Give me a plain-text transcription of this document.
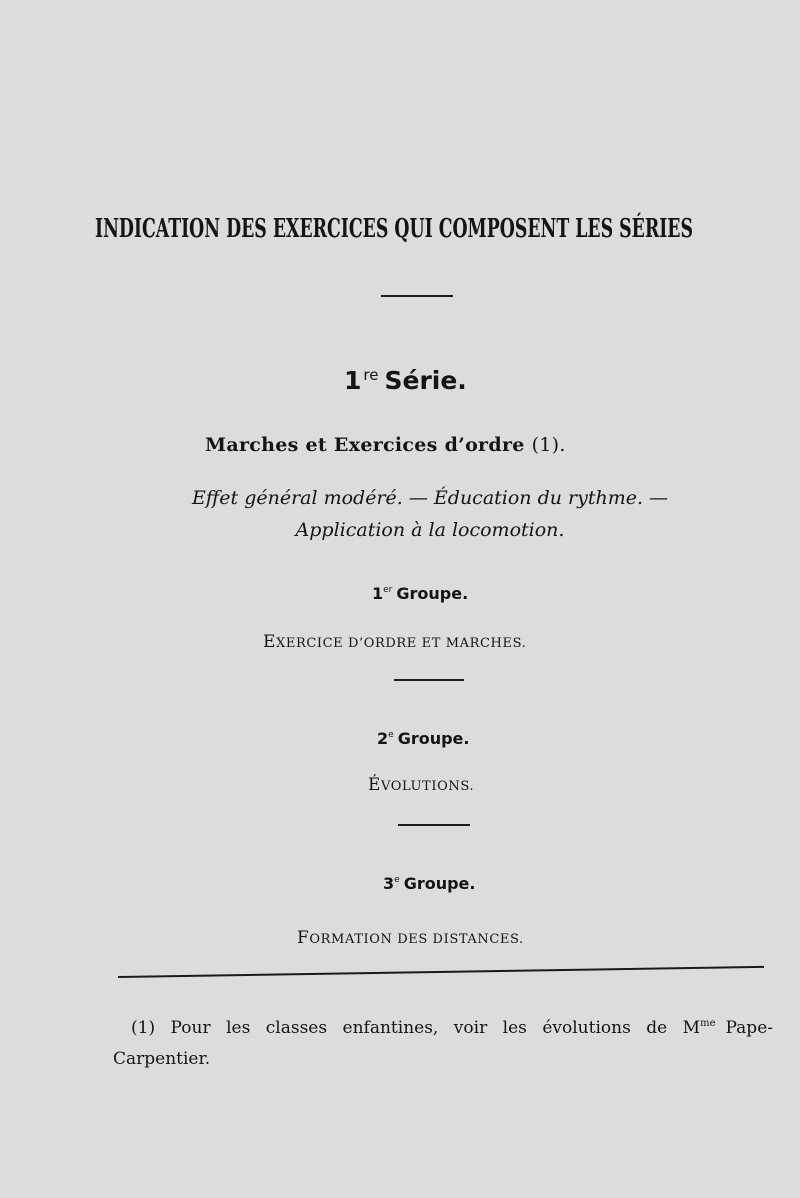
INDICATION DES EXERCICES QUI COMPOSENT LES SÉRIES
1 $^{re}$ Série.
Marches et Exercices d’ordre (1).
Effet général modéré. — Éducation du rythme. —
Application à la locomotion.
1er Groupe.
EXERCICE D’ORDRE ET MARCHES.
2e Groupe.
ÉVOLUTIONS.
3e Groupe.
FORMATION DES DISTANCES.
(1) Pour les classes enfantines, voir les évolutions de $M^{me}$ Pape-Carpentier.
